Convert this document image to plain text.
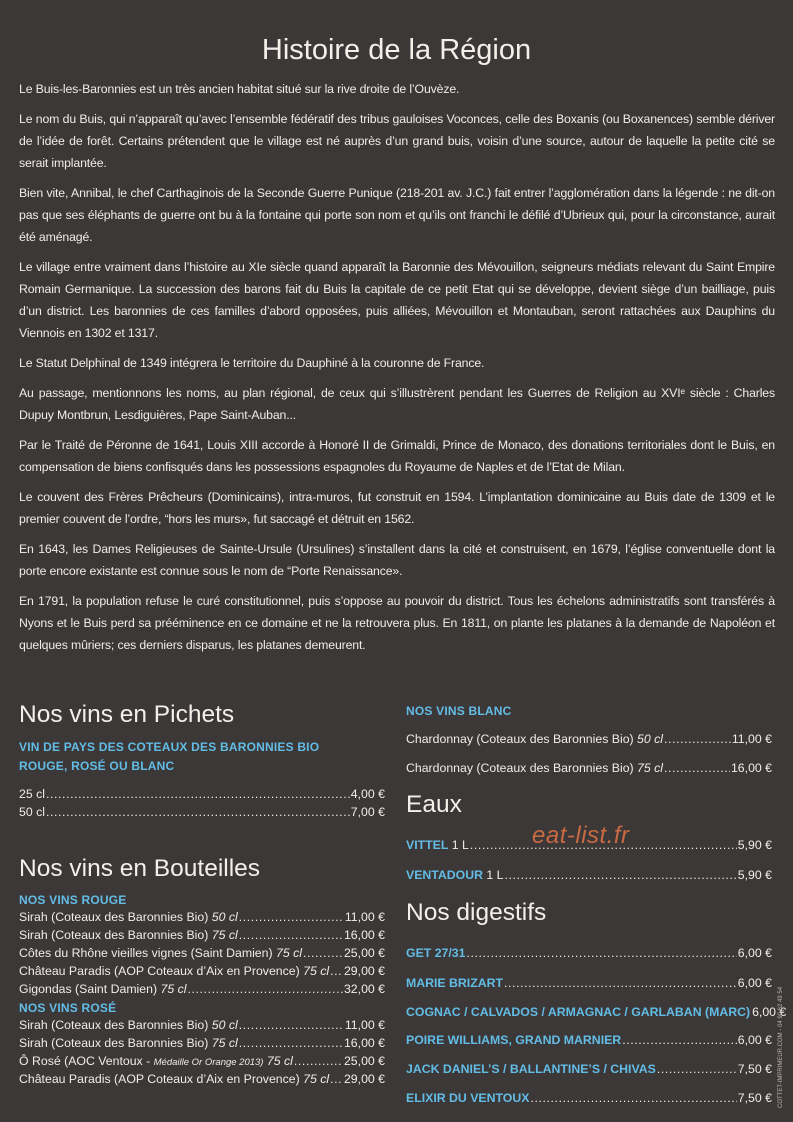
Histoire de la Région

Le Buis-les-Baronnies est un très ancien habitat situé sur la rive droite de l’Ouvèze.

Le nom du Buis, qui n’apparaît qu’avec l’ensemble fédératif des tribus gauloises Voconces, celle des Boxanis (ou Boxanences) semble dériver de l’idée de forêt. Certains prétendent que le village est né auprès d’un grand buis, voisin d’une source, autour de laquelle la petite cité se serait implantée.

Bien vite, Annibal, le chef Carthaginois de la Seconde Guerre Punique (218-201 av. J.C.) fait entrer l’agglomération dans la légende : ne dit-on pas que ses éléphants de guerre ont bu à la fontaine qui porte son nom et qu’ils ont franchi le défilé d’Ubrieux qui, pour la circonstance, aurait été aménagé.

Le village entre vraiment dans l’histoire au XIe siècle quand apparaît la Baronnie des Mévouillon, seigneurs médiats relevant du Saint Empire Romain Germanique. La succession des barons fait du Buis la capitale de ce petit Etat qui se développe, devient siège d’un bailliage, puis d’un district. Les baronnies de ces familles d’abord opposées, puis alliées, Mévouillon et Montauban, seront rattachées aux Dauphins du Viennois en 1302 et 1317.

Le Statut Delphinal de 1349 intégrera le territoire du Dauphiné à la couronne de France.

Au passage, mentionnons les noms, au plan régional, de ceux qui s’illustrèrent pendant les Guerres de Religion au XVIᵉ siècle : Charles Dupuy Montbrun, Lesdiguières, Pape Saint-Auban...

Par le Traité de Péronne de 1641, Louis XIII accorde à Honoré II de Grimaldi, Prince de Monaco, des donations territoriales dont le Buis, en compensation de biens confisqués dans les possessions espagnoles du Royaume de Naples et de l’Etat de Milan.

Le couvent des Frères Prêcheurs (Dominicains), intra-muros, fut construit en 1594. L’implantation dominicaine au Buis date de 1309 et le premier couvent de l’ordre, “hors les murs», fut saccagé et détruit en 1562.

En 1643, les Dames Religieuses de Sainte-Ursule (Ursulines) s’installent dans la cité et construisent, en 1679, l’église conventuelle dont la porte encore existante est connue sous le nom de “Porte Renaissance».

En 1791, la population refuse le curé constitutionnel, puis s’oppose au pouvoir du district. Tous les échelons administratifs sont transférés à Nyons et le Buis perd sa prééminence en ce domaine et ne la retrouvera plus. En 1811, on plante les platanes à la demande de Napoléon et quelques mûriers; ces derniers disparus, les platanes demeurent.

Nos vins en Pichets
VIN DE PAYS DES COTEAUX DES BARONNIES BIO
ROUGE, ROSÉ OU BLANC
25 cl .....	4,00 €
50 cl .....	7,00 €
Nos vins en Bouteilles
NOS VINS ROUGE
Sirah (Coteaux des Baronnies Bio) 50 cl .....	11,00 €
Sirah (Coteaux des Baronnies Bio) 75 cl .....	16,00 €
Côtes du Rhône vieilles vignes (Saint Damien) 75 cl .....	25,00 €
Château Paradis (AOP Coteaux d’Aix en Provence) 75 cl ..... 29,00 €
Gigondas (Saint Damien) 75 cl .....	32,00 €
NOS VINS ROSÉ
Sirah (Coteaux des Baronnies Bio) 50 cl .....	11,00 €
Sirah (Coteaux des Baronnies Bio) 75 cl .....	16,00 €
Ô Rosé (AOC Ventoux - Médaille Or Orange 2013) 75 cl .....	25,00 €
Château Paradis (AOP Coteaux d’Aix en Provence) 75 cl ..... 29,00 €
NOS VINS BLANC
Chardonnay (Coteaux des Baronnies Bio) 50 cl .....	11,00 €
Chardonnay (Coteaux des Baronnies Bio) 75 cl .....	16,00 €
Eaux
VITTEL 1 L .....	5,90 €
VENTADOUR 1 L .....	5,90 €
eat-list.fr
Nos digestifs
GET 27/31 .....	6,00 €
MARIE BRIZART .....	6,00 €
COGNAC / CALVADOS / ARMAGNAC / GARLABAN (MARC) 6,00 €
POIRE WILLIAMS, GRAND MARNIER .....	6,00 €
JACK DANIEL’S / BALLANTINE’S / CHIVAS .....	7,50 €
ELIXIR DU VENTOUX .....	7,50 € COTTET-IMPRIMEUR.COM - 04 90 62 49 54
